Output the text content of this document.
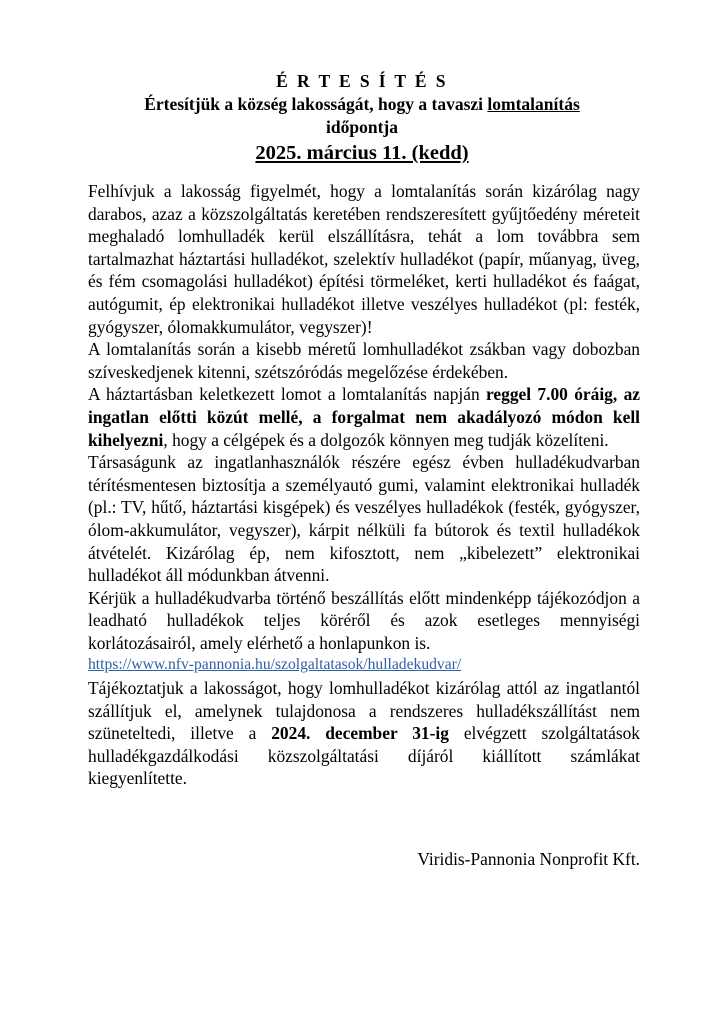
É R T E S Í T É S
Értesítjük a község lakosságát, hogy a tavaszi lomtalanítás
időpontja
2025. március 11. (kedd)

Felhívjuk a lakosság figyelmét, hogy a lomtalanítás során kizárólag nagy darabos, azaz a közszolgáltatás keretében rendszeresített gyűjtőedény méreteit meghaladó lomhulladék kerül elszállításra, tehát a lom továbbra sem tartalmazhat háztartási hulladékot, szelektív hulladékot (papír, műanyag, üveg, és fém csomagolási hulladékot) építési törmeléket, kerti hulladékot és faágat, autógumit, ép elektronikai hulladékot illetve veszélyes hulladékot (pl: festék, gyógyszer, ólomakkumulátor, vegyszer)!

A lomtalanítás során a kisebb méretű lomhulladékot zsákban vagy dobozban szíveskedjenek kitenni, szétszóródás megelőzése érdekében.

A háztartásban keletkezett lomot a lomtalanítás napján reggel 7.00 óráig, az ingatlan előtti közút mellé, a forgalmat nem akadályozó módon kell kihelyezni, hogy a célgépek és a dolgozók könnyen meg tudják közelíteni.

Társaságunk az ingatlanhasználók részére egész évben hulladékudvarban térítésmentesen biztosítja a személyautó gumi, valamint elektronikai hulladék (pl.: TV, hűtő, háztartási kisgépek) és veszélyes hulladékok (festék, gyógyszer, ólom-akkumulátor, vegyszer), kárpit nélküli fa bútorok és textil hulladékok átvételét. Kizárólag ép, nem kifosztott, nem „kibelezett” elektronikai hulladékot áll módunkban átvenni.

Kérjük a hulladékudvarba történő beszállítás előtt mindenképp tájékozódjon a leadható hulladékok teljes köréről és azok esetleges mennyiségi korlátozásairól, amely elérhető a honlapunkon is.

https://www.nfv-pannonia.hu/szolgaltatasok/hulladekudvar/

Tájékoztatjuk a lakosságot, hogy lomhulladékot kizárólag attól az ingatlantól szállítjuk el, amelynek tulajdonosa a rendszeres hulladékszállítást nem szüneteltedi, illetve a 2024. december 31-ig elvégzett szolgáltatások hulladékgazdálkodási közszolgáltatási díjáról kiállított számlákat kiegyenlítette.

Viridis-Pannonia Nonprofit Kft.
